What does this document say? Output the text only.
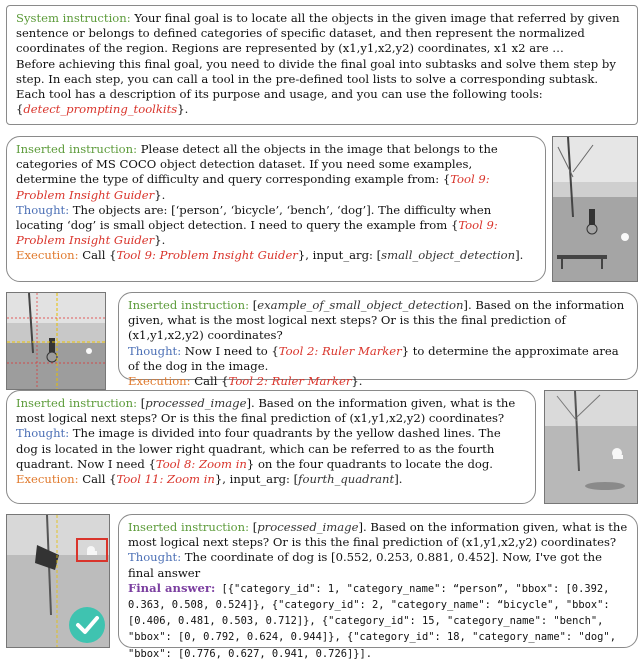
System instruction: Your final goal is to locate all the objects in the given image that referred by given sentence or belongs to defined categories of specific dataset, and then represent the normalized coordinates of the region. Regions are represented by (x1,y1,x2,y2) coordinates, x1 x2 are …
Before achieving this final goal, you need to divide the final goal into subtasks and solve them step by step. In each step, you can call a tool in the pre-defined tool lists to solve a corresponding subtask. Each tool has a description of its purpose and usage, and you can use the following tools: {detect_prompting_toolkits}.
Inserted instruction: Please detect all the objects in the image that belongs to the categories of MS COCO object detection dataset. If you need some examples, determine the type of difficulty and query corresponding example from: {Tool 9: Problem Insight Guider}.
Thought: The objects are: [‘person’, ‘bicycle’, ‘bench’, ‘dog’]. The difficulty when locating ‘dog’ is small object detection. I need to query the example from {Tool 9: Problem Insight Guider}.
Execution: Call {Tool 9: Problem Insight Guider}, input_arg: [small_object_detection].
Inserted instruction: [example_of_small_object_detection]. Based on the information given, what is the most logical next steps? Or is this the final prediction of (x1,y1,x2,y2) coordinates?
Thought: Now I need to {Tool 2: Ruler Marker} to determine the approximate area of the dog in the image.
Execution: Call {Tool 2: Ruler Marker}.
Inserted instruction: [processed_image]. Based on the information given, what is the most logical next steps? Or is this the final prediction of (x1,y1,x2,y2) coordinates?
Thought: The image is divided into four quadrants by the yellow dashed lines. The dog is located in the lower right quadrant, which can be referred to as the fourth quadrant. Now I need {Tool 8: Zoom in} on the four quadrants to locate the dog.
Execution: Call {Tool 11: Zoom in}, input_arg: [fourth_quadrant].
Inserted instruction: [processed_image]. Based on the information given, what is the most logical next steps? Or is this the final prediction of (x1,y1,x2,y2) coordinates?
Thought: The coordinate of dog is [0.552, 0.253, 0.881, 0.452]. Now, I've got the final answer
Final answer: [{"category_id": 1, "category_name": “person”, "bbox": [0.392, 0.363, 0.508, 0.524]}, {"category_id": 2, "category_name": “bicycle", "bbox": [0.406, 0.481, 0.503, 0.712]}, {"category_id": 15, "category_name": "bench", "bbox": [0, 0.792, 0.624, 0.944]}, {"category_id": 18, "category_name": "dog", "bbox": [0.776, 0.627, 0.941, 0.726]}].
